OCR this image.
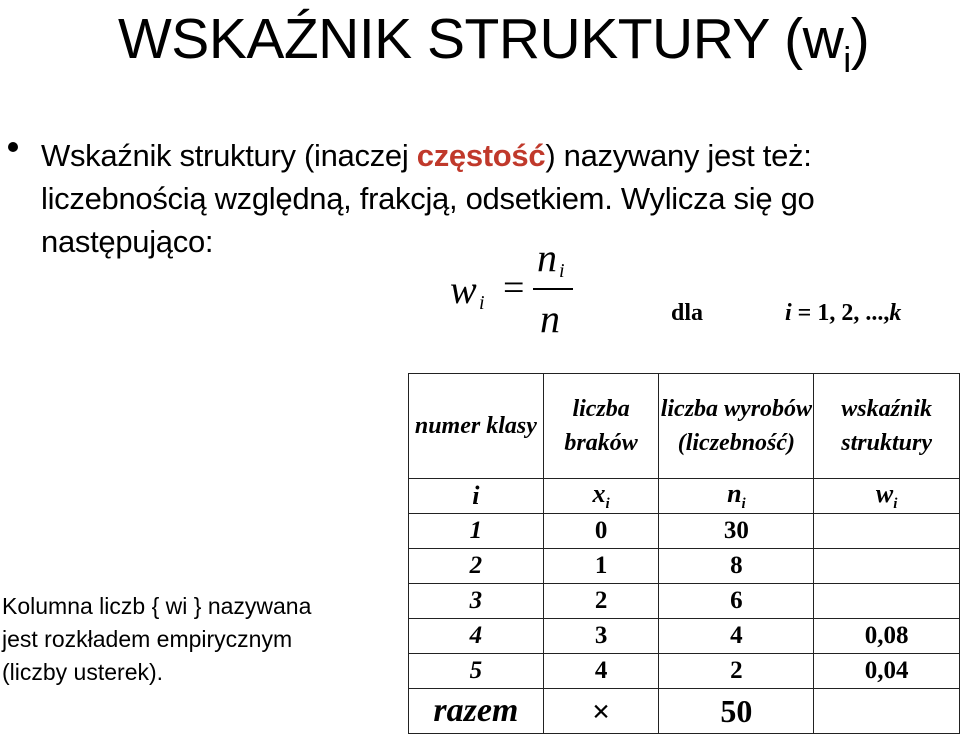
WSKAŹNIK STRUKTURY $(w_i)$
Wskaźnik struktury (inaczej częstość) nazywany jest też: liczebnością względną, frakcją, odsetkiem. Wylicza się go następująco:
w i =
n i
n	dla	i = 1, 2, ...,k
numer klasy	liczba braków	liczba wyrobów (liczebność)	wskaźnik struktury
i	$x_i$	$n_i$	$w_i$
1	0	30	
2	1	8	
3	2	6	
4	3	4	0,08
5	4	2	0,04
razem	×	50	
Kolumna liczb { wi } nazywana jest rozkładem empirycznym (liczby usterek).
